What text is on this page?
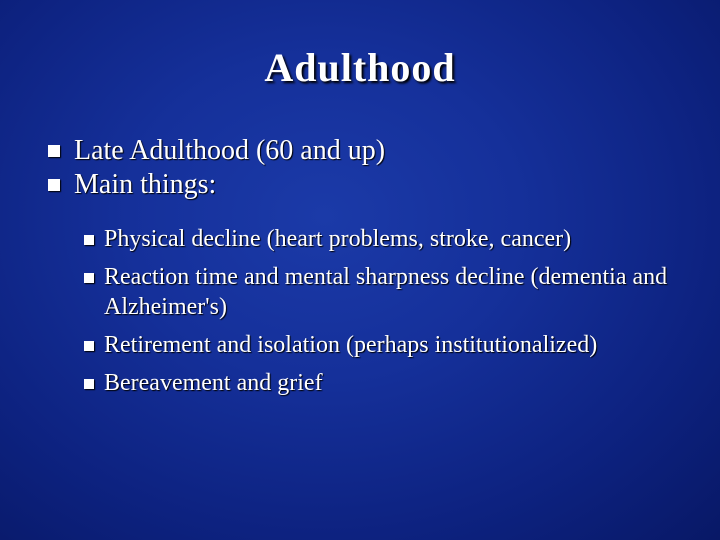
Adulthood
Late Adulthood (60 and up)
Main things:
Physical decline (heart problems, stroke, cancer)
Reaction time and mental sharpness decline (dementia and Alzheimer's)
Retirement and isolation (perhaps institutionalized)
Bereavement and grief
